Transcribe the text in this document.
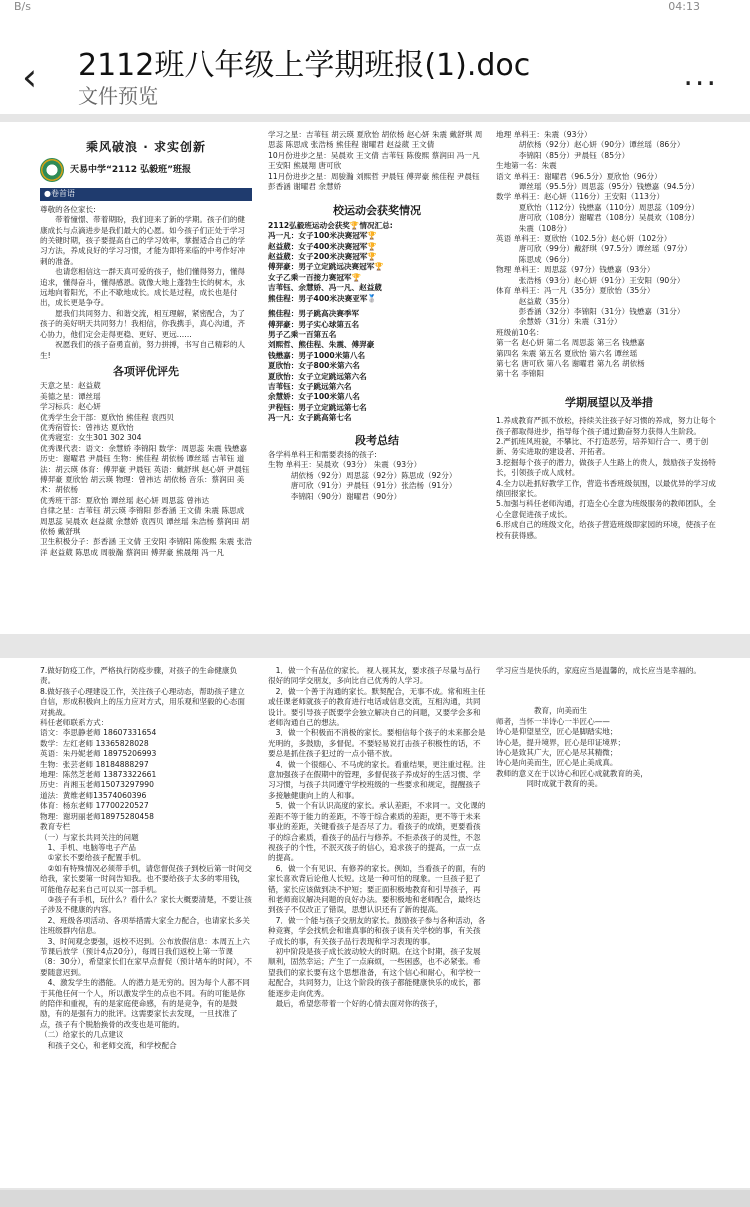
B/s	04:13
‹ 2112班八年级上学期班报(1).doc
文件预览
...
乘风破浪 · 求实创新
天易中学“2112 弘毅班”班报
●卷首语
尊敬的各位家长:
　　带着憧憬、带着期盼，我们迎来了新的学期。孩子们的健康成长与点滴进步是我们最大的心愿。如今孩子们正处于学习的关键时期，孩子要提高自己的学习效率，掌握适合自己的学习方法，养成良好的学习习惯，才能为即将来临的中考作好冲刺的准备。
　　也请您相信这一群天真可爱的孩子，他们懂得努力，懂得追求，懂得奋斗，懂得感恩。就像大地上蓬勃生长的树木，永远地向着阳光，不止不歇地成长。成长是过程，成长也是付出，成长更是争夺。
　　愿我们共同努力、和谐交流，相互理解，紧密配合，为了孩子的美好明天共同努力！我相信，你我携手，真心沟通，齐心协力，他们定会走得更稳、更好、更远……
　　祝愿我们的孩子奋勇直前，努力拼搏，书写自己精彩的人生!
各项评优评先
天意之星：赵益葳
美德之星：谭丝瑶
学习标兵：赵心妍
优秀学生会干部：夏欣怡 熊佳程 袁西贝
优秀宿管长：曾祎达 夏欣怡
优秀寝室：女生301 302 304
优秀课代表：语文：余慧娇 李锦阳 数学：周思蕊 朱震 钱懋嘉 历史：谢曜君 尹晨钰 生物：熊佳程 胡依杨 谭丝瑶 吉苇钰 道法：胡云瑛 体育：傅羿豪 尹晨钰 英语：戴舒琪 赵心妍 尹晨钰 傅羿豪 夏欣怡 胡云瑛 物理：曾祎达 胡依杨 音乐：蔡润田 美术：胡依杨
优秀班干部：夏欣怡 谭丝瑶 赵心妍 周思蕊 曾祎达
自律之星：吉苇钰 胡云瑛 李锦阳 彭香涵 王文倩 朱震 陈思成 周思蕊 吴晨欢 赵益葳 余慧娇 袁西贝 谭丝瑶 朱浩杨 蔡润田 胡依杨 戴舒琪
卫生积极分子：彭香涵 王文倩 王安阳 李锦阳 陈俊熙 朱震 张浩洋 赵益葳 陈思成 周骏瀚 蔡润田 傅羿豪 熊晟翔 冯一凡
学习之星：吉苇钰 胡云瑛 夏欣怡 胡依杨 赵心妍 朱震 戴舒琪 周思蕊 陈思成 张浩杨 熊佳程 谢曜君 赵益葳 王文倩
10月份进步之星：吴晨欢 王文倩 吉苇钰 陈俊熙 蔡润田 冯一凡 王安阳 熊晟翔 唐可欣
11月份进步之星：周骏瀚 刘熙哲 尹晨钰 傅羿豪 熊佳程 尹晨钰 彭香涵 谢曜君 余慧娇
校运动会获奖情况
2112弘毅班运动会获奖🏆情况汇总:
冯一凡：女子100米决赛冠军🏆
赵益葳：女子400米决赛冠军🏆
赵益葳：女子200米决赛冠军🏆
傅羿豪：男子立定跳远决赛冠军🏆
女子乙乘一百接力赛冠军🏆
吉苇钰、余慧娇、冯一凡、赵益葳
熊佳程：男子400米决赛亚军🥈
熊佳程：男子跳高决赛季军
傅羿豪：男子实心球第五名
男子乙乘一百第五名
刘熙哲、熊佳程、朱震、傅羿豪
钱懋嘉：男子1000米第八名
夏欣怡：女子800米第六名
夏欣怡：女子立定跳远第六名
吉苇钰：女子跳远第六名
余慧娇：女子100米第八名
尹程钰：男子立定跳远第七名
冯一凡：女子跳高第七名
段考总结
各学科单科王和需要表扬的孩子:
生物 单科王：吴晨欢（93分） 朱震（93分）
　　　胡依杨（92分）周思蕊（92分）陈思成（92分）
　　　唐可欣（91分）尹晨钰（91分）张浩杨（91分）
　　　李锦阳（90分）谢曜君（90分）
地理 单科王：朱震（93分）
　　　胡依杨（92分）赵心妍（90分）谭丝瑶（86分）
　　　李锦阳（85分）尹晨钰（85分）
生地第一名：朱震
语文 单科王：谢曜君（96.5分）夏欣怡（96分）
　　　谭丝瑶（95.5分）周思蕊（95分）钱懋嘉（94.5分）
数学 单科王：赵心妍（116分）王安阳（113分）
　　　夏欣怡（112分）钱懋嘉（110分）周思蕊（109分）
　　　唐可欣（108分）谢曜君（108分）吴晨欢（108分）
　　　朱震（108分）
英语 单科王：夏欣怡（102.5分）赵心妍（102分）
　　　唐可欣（99分）戴舒琪（97.5分）谭丝瑶（97分）
　　　陈思成（96分）
物理 单科王：周思蕊（97分）钱懋嘉（93分）
　　　张浩杨（93分）赵心妍（91分）王安阳（90分）
体育 单科王：冯一凡（35分）夏欣怡（35分）
　　　赵益葳（35分）
　　　彭香涵（32分）李锦阳（31分）钱懋嘉（31分）
　　　余慧娇（31分）朱震（31分）
班级前10名：
第一名 赵心妍 第二名 周思蕊 第三名 钱懋嘉
第四名 朱震 第五名 夏欣怡 第六名 谭丝瑶
第七名 唐可欣 第八名 谢曜君 第九名 胡依杨
第十名 李锦阳
学期展望以及举措
1.养成教育严抓不放松，持续关注孩子好习惯的养成，努力让每个孩子都取得进步，指导每个孩子通过勤奋努力获得人生阶段。
2.严抓班风班貌，不攀比、不打造恶劳，培养知行合一、勇于创新、务实进取的建设者、开拓者。
3.挖掘每个孩子的潜力，做孩子人生路上的贵人，鼓励孩子发扬特长，引领孩子成人成材。
4.全力以赴抓好教学工作，营造书香班级氛围，以最优异的学习成绩回报家长。
5.加强与科任老师沟通，打造全心全意为班级服务的教师团队，全心全意促进孩子成长。
6.形成自己的班级文化，给孩子营造班级即家园的环境，使孩子在校有获得感。
7.做好防疫工作，严格执行防疫步骤，对孩子的生命健康负责。
8.做好孩子心理建设工作，关注孩子心理动态，帮助孩子建立自信，形成积极向上的压力应对方式，用乐观和坚毅的心态面对挑战。
科任老师联系方式：
语文：李思静老师 18607331654
数学：左红老师 13365828028
英语：朱丹妮老师 18975206993
生物：张芸老师 18184888297
地理：陈然芝老师 13873322661
历史：肖湘玉老师15073297990
道法：黄维老师13574060396
体育：杨东老师 17700220527
物理：谢玥丽老师18975280458
教育专栏
（一）与家长共同关注的问题
　1、手机、电脑等电子产品
　①家长不要给孩子配置手机。
　②如有特殊情况必须带手机，请您督促孩子到校后第一时间交给我，家长要第一时间告知我。也不要给孩子太多的零用钱，可能他存起来自己可以买一部手机。
　③孩子有手机，玩什么？看什么？家长大概要清楚，不要让孩子涉及不健康的内容。
　2、班级各项活动、各项举措需大家全力配合，也请家长多关注班级群内信息。
　3、时间观念要强，返校不迟到。公布放假信息：本周五上六节课后放学（预计4点20分），每周日我们返校上第一节课（8：30分），希望家长们在家早点督促（预计堵车的时间），不要随意迟到。
　4、激发学生的潜能。人的潜力是无穷的。因为每个人都不同于其他任何一个人，所以激发学生的点也不同。有的可能是你的陪伴和重视，有的是家庭使命感，有的是竞争，有的是鼓励，有的是强有力的批评。这需要家长去发现，一旦找准了点，孩子有个脱胎换骨的改变也是可能的。
（二）给家长的几点建议
　和孩子交心，和老师交流，和学校配合
　1．做一个有品位的家长。 视人视其友，要求孩子尽量与品行很好的同学交朋友，多向比自己优秀的人学习。
　2．做一个善于沟通的家长。默契配合，无事不成。常和班主任或任课老师就孩子的教育进行电话或信息交流，互相沟通，共同设计。要引导孩子既要学会独立解决自己的问题，又要学会多和老师沟通自己的想法。
　3．做一个积极而不消极的家长。要相信每个孩子的未来都会是光明的，多鼓励，多督促。不要轻易说打击孩子积极性的话，不要总是抓住孩子犯过的一点小错不放。
　4．做一个很细心、不马虎的家长。看重结果，更注重过程。注意加强孩子在假期中的管理，多督促孩子养成好的生活习惯、学习习惯，与孩子共同遵守学校班级的一些要求和规定，提醒孩子多接触健康向上的人和事。
　5．做一个有认识高度的家长。承认差距，不求同一。文化课的差距不等于能力的差距，不等于综合素质的差距，更不等于未来事业的差距，关键看孩子是否尽了力。看孩子的成绩，更要看孩子的综合素质，看孩子的品行与修养。不拒杀孩子的灵性，不忽视孩子的个性，不泯灭孩子的信心，追求孩子的提高，一点一点的提高。
　6．做一个有见识、有修养的家长。例如，当看孩子的面，有的家长喜欢背后论他人长短。这是一种可怕的现象。一旦孩子犯了错，家长应该做到决不护短；要正面积极地教育和引导孩子，再和老师商议解决问题的良好办法。要积极地和老师配合，最终达到孩子不仅改正了错误，思想认识还有了新的提高。
　7．做一个能与孩子交朋友的家长。鼓励孩子参与各种活动，各种竞赛，学会找机会和谁真事的和孩子谈有关学校的事，有关孩子成长的事，有关孩子品行表现和学习表现的事。
　初中阶段是孩子成长波动较大的时期。在这个时期，孩子发展顺利，固然幸运；产生了一点麻烦，一些困惑，也不必紧张。希望我们的家长要有这个思想准备，有这个信心和耐心，和学校一起配合，共同努力，让这个阶段的孩子都能健康快乐的成长，都能逐步走向优秀。
　最后，希望您带着一个好的心情去面对你的孩子，
学习应当是快乐的，家庭应当是温馨的，成长应当是幸福的。
　　　　　教育，向美而生
师者，当怀一半诗心一半匠心——
诗心是仰望星空，匠心是脚踏实地；
诗心是，提升境界，匠心是印证境界；
诗心是致其广大，匠心是尽其精微；
诗心是向美而生，匠心是止美成真。
教师的意义在于以诗心和匠心成就教育的美，
　　　　同时成就于教育的美。
